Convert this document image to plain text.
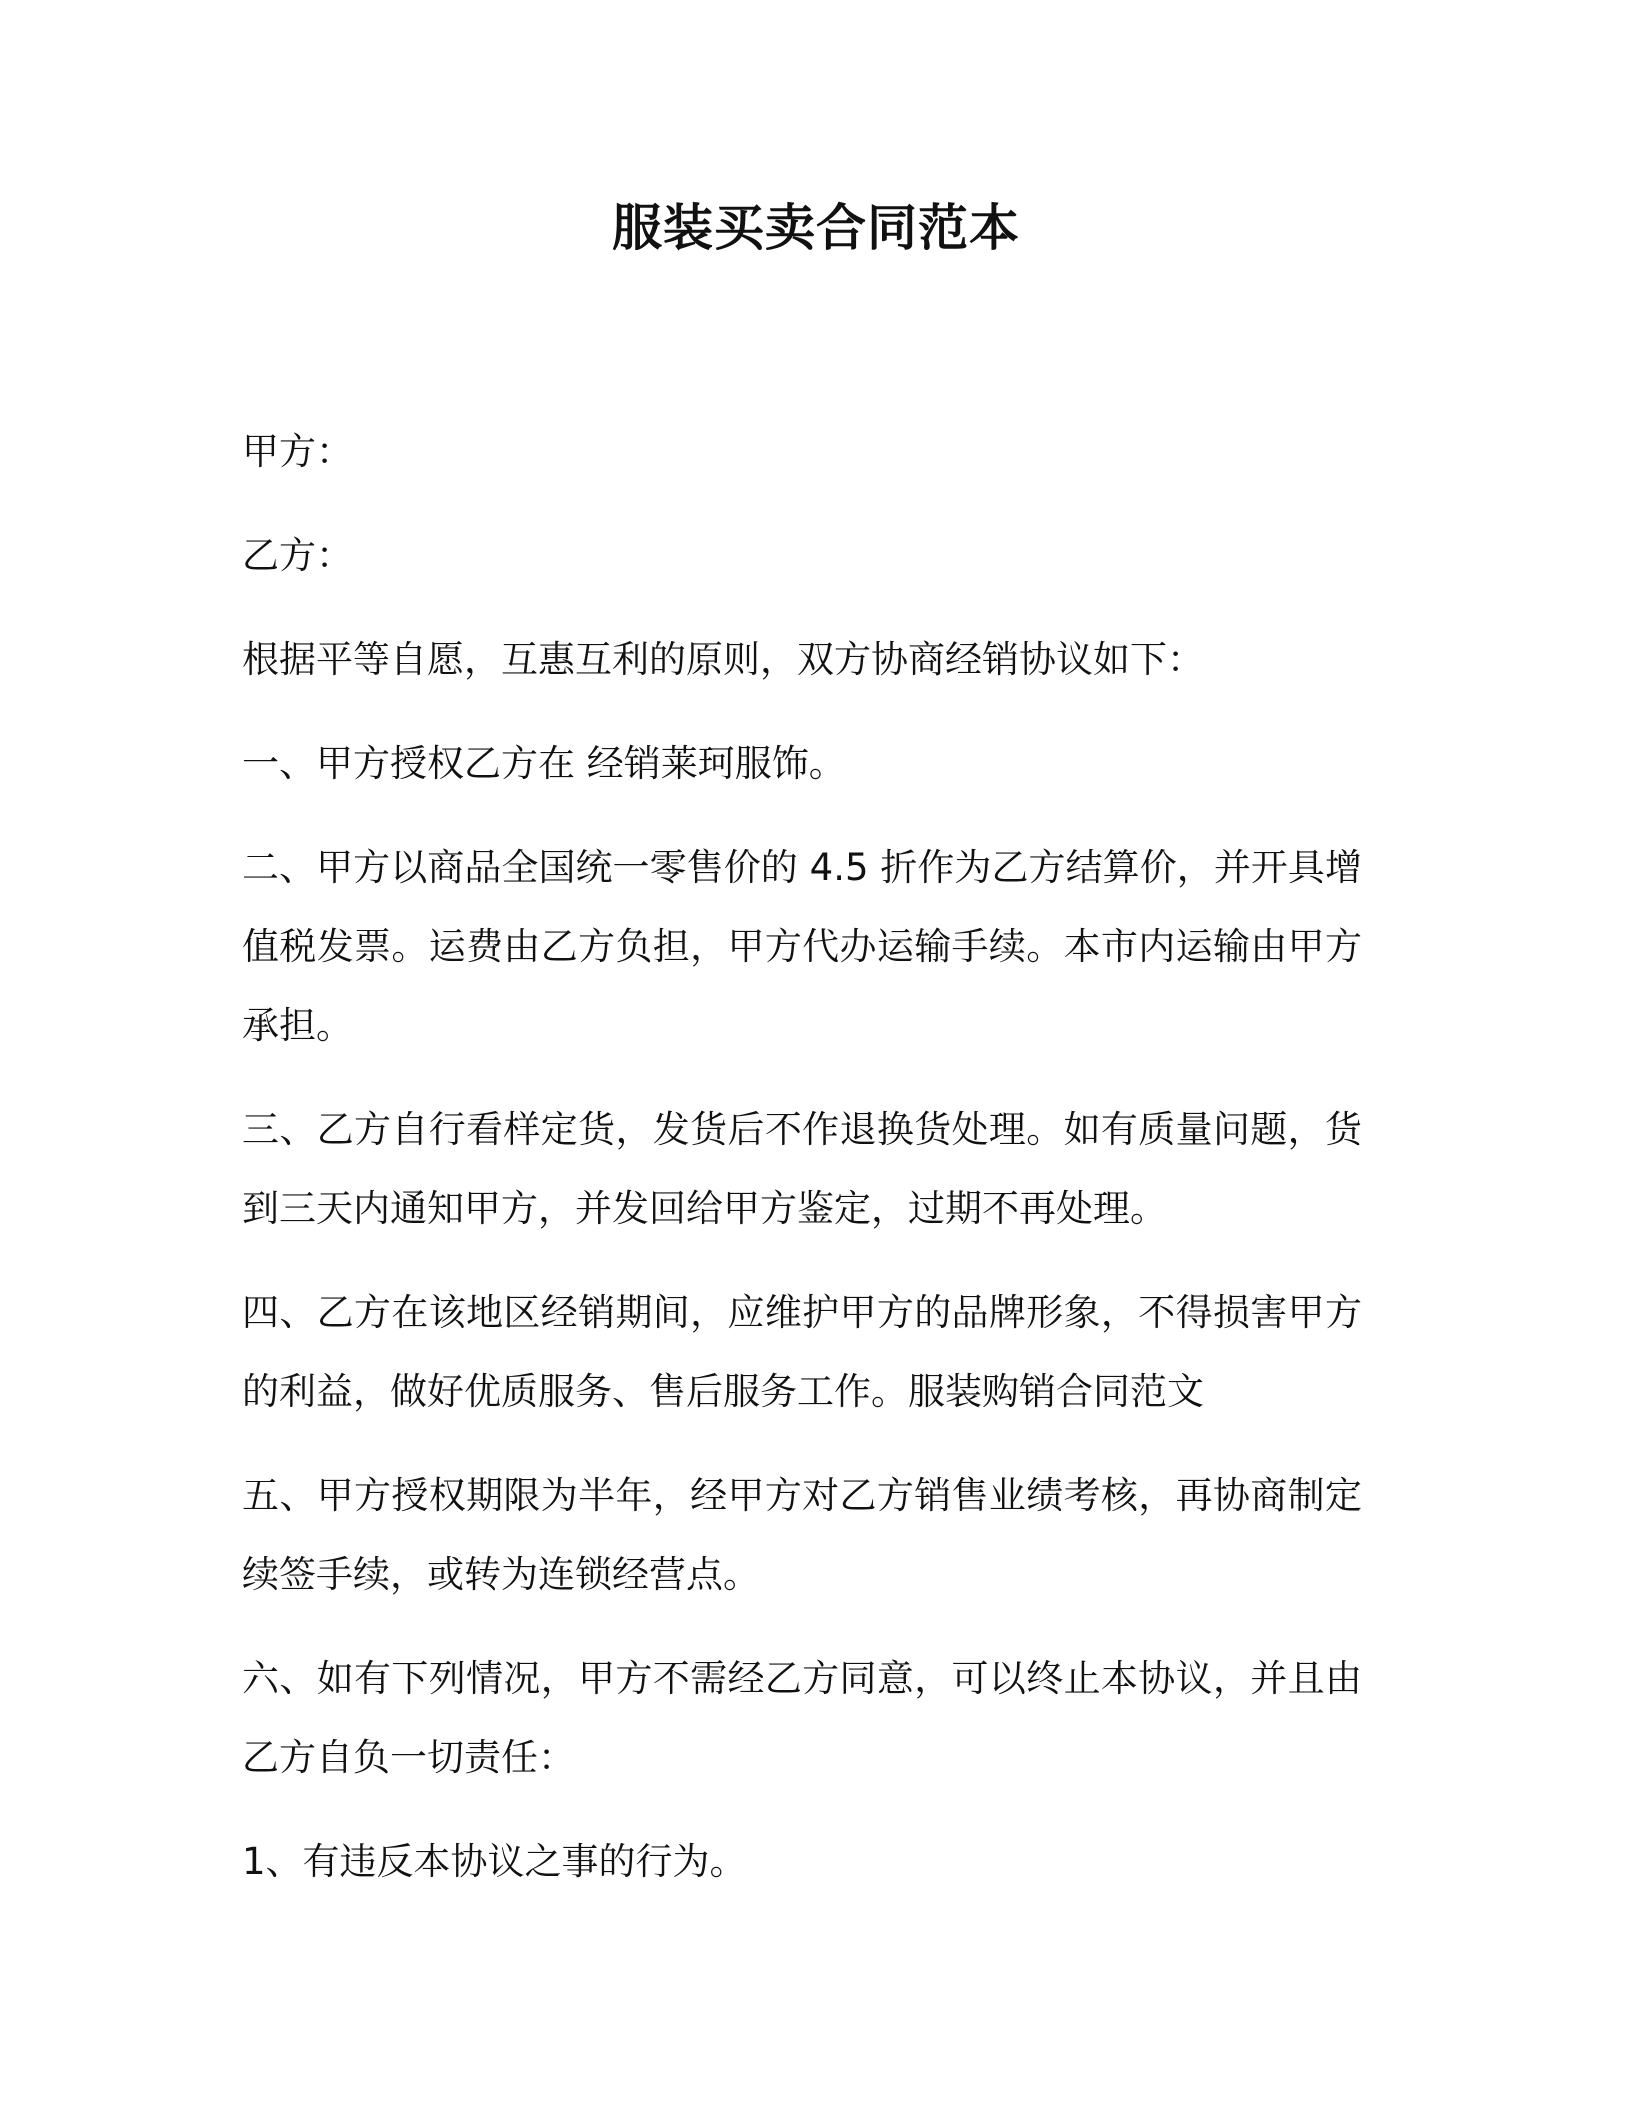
服装买卖合同范本

甲方：

乙方：

根据平等自愿，互惠互利的原则，双方协商经销协议如下：

一、甲方授权乙方在 经销莱珂服饰。

二、甲方以商品全国统一零售价的 4.5 折作为乙方结算价，并开具增值税发票。运费由乙方负担，甲方代办运输手续。本市内运输由甲方承担。

三、乙方自行看样定货，发货后不作退换货处理。如有质量问题，货到三天内通知甲方，并发回给甲方鉴定，过期不再处理。

四、乙方在该地区经销期间，应维护甲方的品牌形象，不得损害甲方的利益，做好优质服务、售后服务工作。服装购销合同范文

五、甲方授权期限为半年，经甲方对乙方销售业绩考核，再协商制定续签手续，或转为连锁经营点。

六、如有下列情况，甲方不需经乙方同意，可以终止本协议，并且由乙方自负一切责任：

1、有违反本协议之事的行为。
